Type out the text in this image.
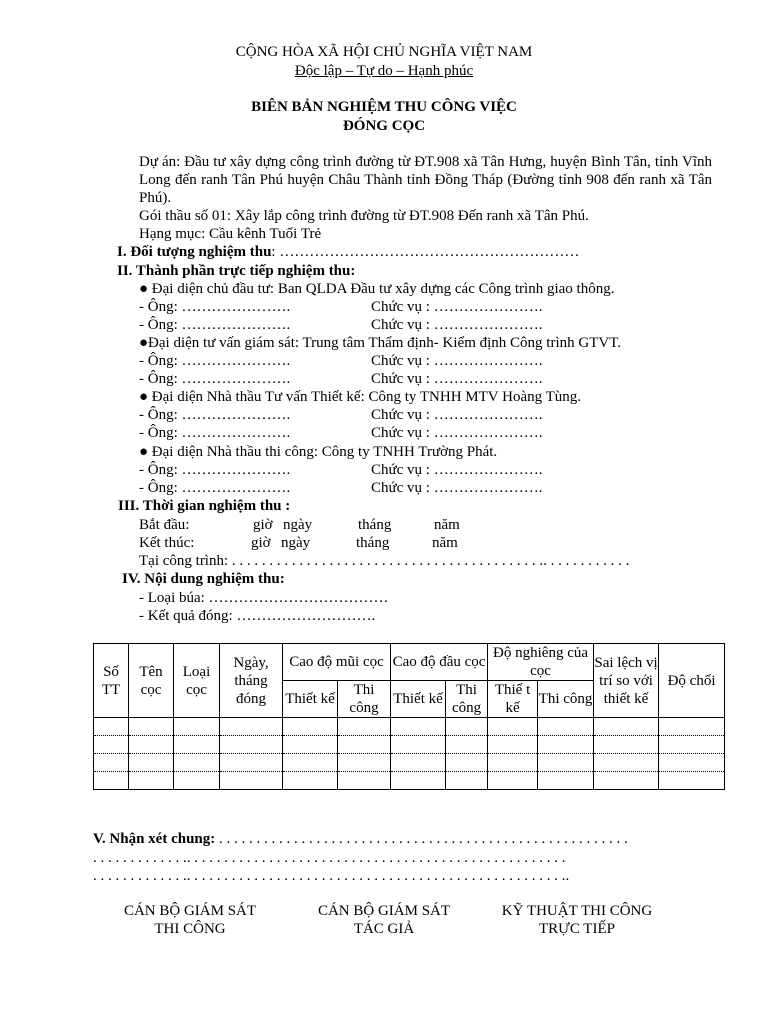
CỘNG HÒA XÃ HỘI CHỦ NGHĨA VIỆT NAM
Độc lập – Tự do – Hạnh phúc
BIÊN BẢN NGHIỆM THU CÔNG VIỆC
ĐÓNG CỌC
Dự án: Đầu tư xây dựng công trình đường từ ĐT.908 xã Tân Hưng, huyện Bình Tân, tỉnh Vĩnh Long đến ranh Tân Phú huyện Châu Thành tỉnh Đồng Tháp (Đường tỉnh 908 đến ranh xã Tân Phú).
Gói thầu số 01: Xây lắp công trình đường từ ĐT.908 Đến ranh xã Tân Phú.
Hạng mục: Cầu kênh Tuổi Trẻ
I. Đối tượng nghiệm thu: ……………………………………………………
II. Thành phần trực tiếp nghiệm thu:
● Đại diện chủ đầu tư: Ban QLDA Đầu tư xây dựng các Công trình giao thông.
- Ông: ………………….	Chức vụ : ………………….
- Ông: ………………….	Chức vụ : ………………….
●Đại diện tư vấn giám sát: Trung tâm Thẩm định- Kiểm định Công trình GTVT.
- Ông: ………………….	Chức vụ : ………………….
- Ông: ………………….	Chức vụ : ………………….
● Đại diện Nhà thầu Tư vấn Thiết kế: Công ty TNHH MTV Hoàng Tùng.
- Ông: ………………….	Chức vụ : ………………….
- Ông: ………………….	Chức vụ : ………………….
● Đại diện Nhà thầu thi công: Công ty TNHH Trường Phát.
- Ông: ………………….	Chức vụ : ………………….
- Ông: ………………….	Chức vụ : ………………….
III. Thời gian nghiệm thu :
Bắt đầu:	giờ ngày	tháng	năm
Kết thúc:	giờ ngày	tháng	năm
Tại công trình: . . . . . . . . . . . . . . . . . . . . . . . . . . . . . . . . . . . . . . . . . .. . . . . . . . . . . .
IV. Nội dung nghiệm thu:
- Loại búa: ………………………………
- Kết quả đóng: ……………………….
Số TT	Tên cọc	Loại cọc	Ngày, tháng đóng	Cao độ mũi cọc		Cao độ đầu cọc		Độ nghiêng của cọc		Sai lệch vị trí so với thiết kế	Độ chối
				Thiết kế	Thi công	Thiết kế	Thi công	Thiế t kế	Thi công		

V. Nhận xét chung: . . . . . . . . . . . . . . . . . . . . . . . . . . . . . . . . . . . . . . . . . . . . . . . . . . . . . . .
. . . . . . . . . . . . .. . . . . . . . . . . . . . . . . . . . . . . . . . . . . . . . . . . . . . . . . . . . . . . . . . .
. . . . . . . . . . . . .. . . . . . . . . . . . . . . . . . . . . . . . . . . . . . . . . . . . . . . . . . . . . . . . . . ..
CÁN BỘ GIÁM SÁT
THI CÔNG
CÁN BỘ GIÁM SÁT
TÁC GIẢ
KỸ THUẬT THI CÔNG
TRỰC TIẾP
